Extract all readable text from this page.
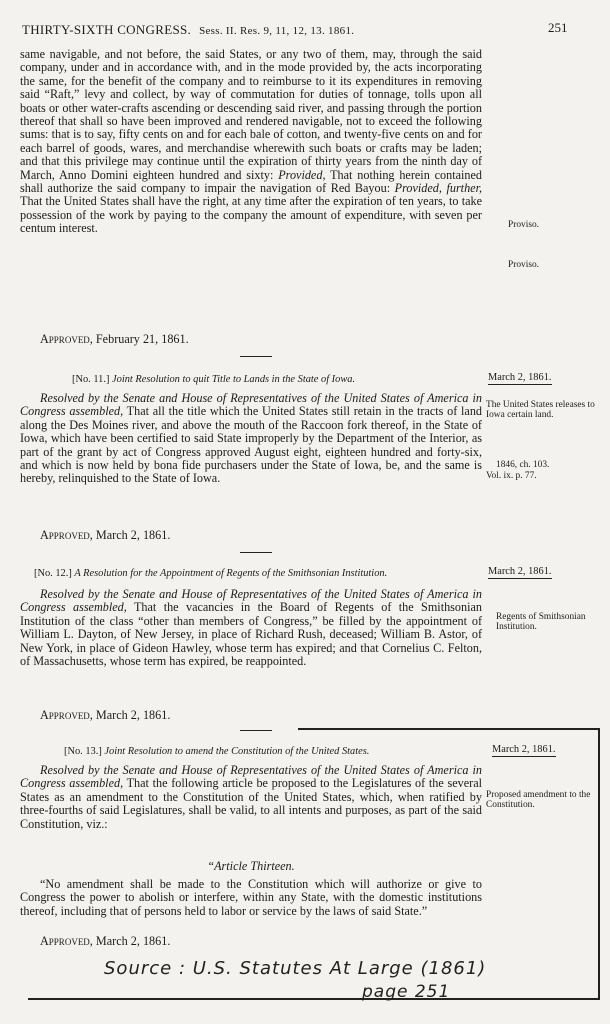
THIRTY-SIXTH CONGRESS. Sess. II. Res. 9, 11, 12, 13. 1861.	251
same navigable, and not before, the said States, or any two of them, may, through the said company, under and in accordance with, and in the mode provided by, the acts incorporating the same, for the benefit of the company and to reimburse to it its expenditures in removing said “Raft,” levy and collect, by way of commutation for duties of tonnage, tolls upon all boats or other water-crafts ascending or descending said river, and passing through the portion thereof that shall so have been improved and rendered navigable, not to exceed the following sums: that is to say, fifty cents on and for each bale of cotton, and twenty-five cents on and for each barrel of goods, wares, and merchandise wherewith such boats or crafts may be laden; and that this privilege may continue until the expiration of thirty years from the ninth day of March, Anno Domini eighteen hundred and sixty: Provided, That nothing herein contained shall authorize the said company to impair the navigation of Red Bayou: Provided, further, That the United States shall have the right, at any time after the expiration of ten years, to take possession of the work by paying to the company the amount of expenditure, with seven per centum interest.	Proviso.
Proviso.
Approved, February 21, 1861.
[No. 11.] Joint Resolution to quit Title to Lands in the State of Iowa.	March 2, 1861.
Resolved by the Senate and House of Representatives of the United States of America in Congress assembled, That all the title which the United States still retain in the tracts of land along the Des Moines river, and above the mouth of the Raccoon fork thereof, in the State of Iowa, which have been certified to said State improperly by the Department of the Interior, as part of the grant by act of Congress approved August eight, eighteen hundred and forty-six, and which is now held by bona fide purchasers under the State of Iowa, be, and the same is hereby, relinquished to the State of Iowa.
The United States releases to Iowa certain land.
1846, ch. 103.
Vol. ix. p. 77.
Approved, March 2, 1861.
[No. 12.] A Resolution for the Appointment of Regents of the Smithsonian Institution.	March 2, 1861.
Resolved by the Senate and House of Representatives of the United States of America in Congress assembled, That the vacancies in the Board of Regents of the Smithsonian Institution of the class “other than members of Congress,” be filled by the appointment of William L. Dayton, of New Jersey, in place of Richard Rush, deceased; William B. Astor, of New York, in place of Gideon Hawley, whose term has expired; and that Cornelius C. Felton, of Massachusetts, whose term has expired, be reappointed.
Regents of Smithsonian Institution.
Approved, March 2, 1861.
[No. 13.] Joint Resolution to amend the Constitution of the United States.	March 2, 1861.
Resolved by the Senate and House of Representatives of the United States of America in Congress assembled, That the following article be proposed to the Legislatures of the several States as an amendment to the Constitution of the United States, which, when ratified by three-fourths of said Legislatures, shall be valid, to all intents and purposes, as part of the said Constitution, viz.:
Proposed amendment to the Constitution.
“Article Thirteen.
“No amendment shall be made to the Constitution which will authorize or give to Congress the power to abolish or interfere, within any State, with the domestic institutions thereof, including that of persons held to labor or service by the laws of said State.”
Approved, March 2, 1861.
Source : U.S. Statutes At Large (1861)
page 251
